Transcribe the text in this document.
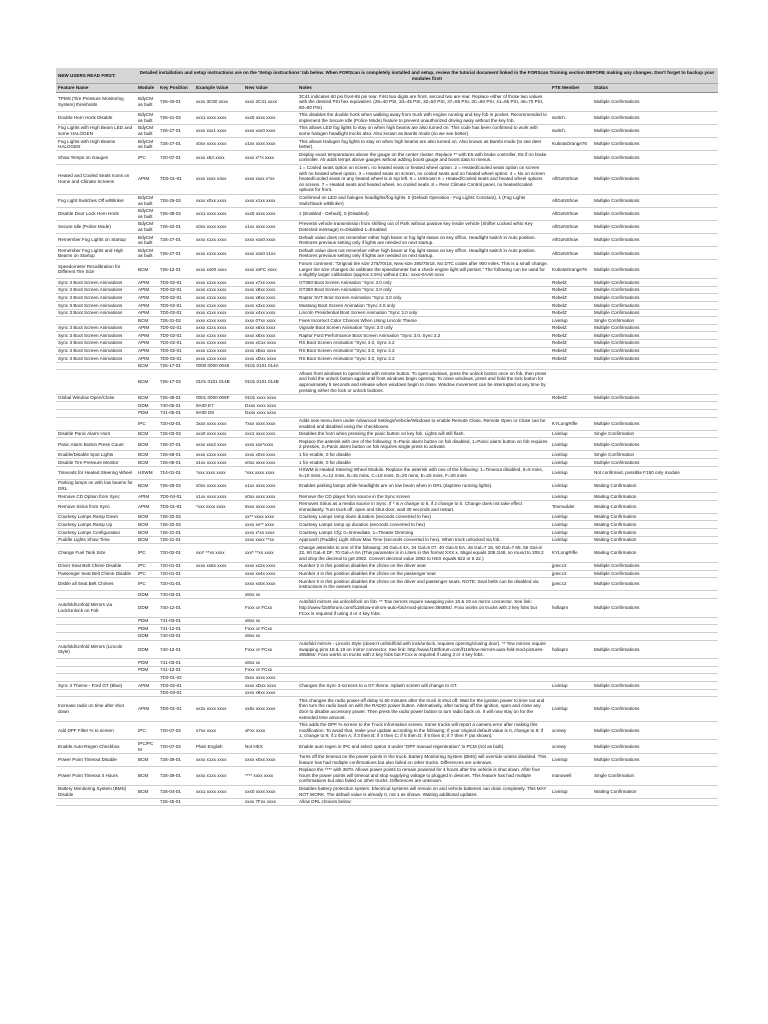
NEW USERS READ FIRST:	Detailed installation and setup instructions are on the 'Setup instructions' tab below. When FORScan is completely installed and setup, review the tutorial document linked in the FORScan Training section BEFORE making any changes. Don't forget to backup your modules first!
Feature Name	Module	Key Position	Example Value	New Value	Notes	FTE Member	Status
TPMS (Tire Pressure Monitoring System) thresholds	BdyCM as built	726-40-01	xxxx 3C50 xxxx	xxxx 3C41 xxxx	3C41 indicates 60 psi front-65 psi rear. First two digits are front, second two are rear. Replace either of those two values with the desired PSI hex equivalent. (28=40 PSI, 2d=45 PSI, 32=50 PSI, 37=55 PSI, 3C=60 PSI, 41=65 PSI, 46=70 PSI, 50=80 PSI)		Multiple Confirmations
Double Horn Honk Disable	BdyCM as built	726-41-02	xxx1 xxxx xxxx	xxx0 xxxx xxxx	This disables the double honk when walking away from truck with engine running and key fob in pocket. Recommended to implement the Secure Idle (Police Mode) feature to prevent unauthorized driving away without the key fob.	switch.	Multiple Confirmations
Fog Lights with High Beam LED and some HALOGEN	BdyCM as built	726-27-01	xxxx xxx1 xxxx	xxxx xxx0 xxxx	This allows LED fog lights to stay on when high beams are also turned on. This code has been confirmed to work with some halogen headlight trucks also. Also known as Bambi mode (so we see better).	switch.	Multiple Confirmations
Fog Lights with High Beams HALOGEN	BdyCM as built	726-27-01	x0xx xxxx xxxx	x1xx xxxx xxxx	This allows Halogen fog lights to stay on when high beams are also turned on. Also known as Bambi mode (to see deer better).	KubotaOrange76	Multiple Confirmations
Show Temps on Gauges	IPC	720-07-01	xxxx x6A xxxx	xxxx x**x xxxx	Display exact temperatures above the gauge on the center cluster. Replace ** with E5 with brake controller, E5 if no brake controller. A5 adds temps above gauges without adding boost gauge and boost data to menus.		Multiple Confirmations
Heated and Cooled Seats Icons on Home and Climate Screens	APIM	7D0-01-01	xxxx xxxx x4xx	xxxx xxxx x*xx	1 = Cooled seats option on screen, no heated seats or heated wheel option. 2 = Heated/cooled seats option on screen with no heated wheel option. 3 = Heated seats on screen, no cooled seats and no heated wheel option. 4 = No on screen heated/cooled seats or any heated wheel is in top left. 5 = Unknown 6 = Heated/Cooled seats and heated wheel options on screen. 7 = Heated seats and heated wheel, no cooled seats. 8 = Rear Climate Control panel, no heated/cooled options for front.	AllGoNShow	Multiple Confirmations
Fog Light Switches Off w/Blinker	BdyCM as built	726-26-02	xxxx x0xx xxxx	xxxx x1xx xxxx	Confirmed on LED and halogen headlights/fog lights. 0 (Default Operation - Fog Lights Constant), 1 (Fog Lights Switchback w/Blinker)	AllGoNShow	Multiple Confirmations
Disable Door Lock Horn Honk	BdyCM as built	726-38-02	xxx1 xxxx xxxx	xxx0 xxxx xxxx	1 (Enabled - Default), 0 (Disabled)	AllGoNShow	Multiple Confirmations
Secure Idle (Police Mode)	BdyCM as built	726-42-01	x0xx xxxx xxxx	x1xx xxxx xxxx	Prevents vehicle transmission from shifting out of Park without passive key inside vehicle (Shifter Locked w/No Key Detected message) 0=Disabled 1=Enabled	AllGoNShow	Multiple Confirmations
Remember Fog Lights on Startup	BdyCM as built	726-27-01	xxxx x1xx xxxx	xxxx xxx0 xxxx	Default value does not remember either high beam or fog light status on key off/on. Headlight switch in Auto position. Restores previous setting only if lights are needed on next startup.	AllGoNShow	Multiple Confirmations
Remember Fog Lights and High Beams on Startup	BdyCM as built	726-27-01	xxxx x1xx xxxx	xxxx xxx0 x1xx	Default value does not remember either high beam or fog light status on key off/on. Headlight switch in Auto position. Restores previous setting only if lights are needed on next startup.	AllGoNShow	Multiple Confirmations
Speedometer Recalibration for Different Tire Size	BCM	726-12-01	xxxx xx00 xxxx	xxxx xxFC xxxx	Forum comment: "Original tire size 275/70r18, New size 285/75r18. No DTC codes after 900 miles. This is a small change. Larger tire size changes do calibrate the speedometer but a check engine light will persist." The following can be used for a slightly larger calibration (approx 2.5%) without CEL: xxxx-0AAE-xxxx	KubotaOrange76	Multiple Confirmations
Sync 3 Boot Screen Animations	APIM	7D0-02-01	xxxx x1xx xxxx	xxxx x7xx xxxx	GT350 Boot Screen Animation "Sync 3.0 only	RebelZ	Multiple Confirmations
Sync 3 Boot Screen Animations	APIM	7D0-02-01	xxxx x1xx xxxx	xxxx x8xx xxxx	GT350 Boot Screen Animation "Sync 3.0 only	RebelZ	Multiple Confirmations
Sync 3 Boot Screen Animations	APIM	7D0-02-01	xxxx x1xx xxxx	xxxx x9xx xxxx	Raptor SVT Boot Screen Animation "Sync 3.0 only	RebelZ	Multiple Confirmations
Sync 3 Boot Screen Animations	APIM	7D0-02-01	xxxx x1xx xxxx	xxxx x3xx xxxx	Mustang Boot Screen Animation "Sync 3.0 only	RebelZ	Multiple Confirmations
Sync 3 Boot Screen Animations	APIM	7D0-02-01	xxxx x1xx xxxx	xxxx x4xx xxxx	Lincoln Presidential Boot Screen Animation "Sync 3.0 only	RebelZ	Multiple Confirmations
	BCM	726-31-02	xxxx x1xx xxxx	xxxx 07xx xxxx	Fixes Incorrect Color Choices When Using Lincoln Theme	Livinlup	Single Confirmation
Sync 3 Boot Screen Animations	APIM	7D0-02-01	xxxx x1xx xxxx	xxxx x6xx xxxx	Vignale Boot Screen Animation "Sync 3.0 only	RebelZ	Multiple Confirmations
Sync 3 Boot Screen Animations	APIM	7D0-02-01	xxxx x1xx xxxx	xxxx x8xx xxxx	Raptor Ford Performance Boot Screen Animation "Sync 3.0, Sync 2.2	RebelZ	Multiple Confirmations
Sync 3 Boot Screen Animations	APIM	7D0-02-01	xxxx x1xx xxxx	xxxx xCxx xxxx	RS Boot Screen Animation "Sync 3.0, Sync 2.2	RebelZ	Multiple Confirmations
Sync 3 Boot Screen Animations	APIM	7D0-02-01	xxxx x1xx xxxx	xxxx xBxx xxxx	RS Boot Screen Animation "Sync 3.0, Sync 2.2	RebelZ	Multiple Confirmations
Sync 3 Boot Screen Animations	APIM	7D0-02-01	xxxx x1xx xxxx	xxxx xDxx xxxx	RS Boot Screen Animation "Sync 3.0, Sync 2.2	RebelZ	Multiple Confirmations
	BCM	726-17-01	0000 0000 0045	0101 0101 014A			
	BCM	726-17-02	0101 0101 014B	0101 0101 014B	Allows front windows to open/close with remote button. To open windows, press the unlock button once on fob, then press and hold the unlock button again until front windows begin opening. To close windows, press and hold the lock button for approximately 5 seconds and release when windows begin to close. Window movement can be interrupted at any time by pressing either the lock or unlock buttons.		
Global Window Open/Close	BCM	726-38-01	0001 0000 005F	0101 xxxx xxxx		RebelZ	Multiple Confirmations
	DDM	740-05-01	9A00 E7	Dxxx xxxx xxxx			
	PDM	741-05-01	9A00 D8	Dxxx xxxx xxxx			
	IPC	720-02-01	3xxx xxxx xxxx	7xxx xxxx xxxx	Adds new menu item under Advanced Settings/Vehicle/Windows to enable Remote Close, Remote Open or Close can be enabled and disabled using the checkboxes.	KYLongRifle	Multiple Confirmations
Disable Panic Alarm Horn	BCM	726-03-02	xxx0 xxxx xxxx	xxx1 xxxx xxxx	Disables the horn when pressing the panic button on key fob. Lights will still flash.	Livinlup	Single Confirmation
Panic Alarm Button Press Count	BCM	726-37-01	xxxx xxx2 xxxx	xxxx xxx*xxxx	Replace the asterisk with one of the following: 0=Panic alarm button on fob disabled, 1=Panic alarm button on fob requires 2 presses, 2=Panic alarm button on fob requires single press to activate.	Livinlup	Multiple Confirmations
Enable/Disable Spot Lights	BCM	726-58-01	xxxx x1xx xxxx	xxxx x0xx xxxx	1 for enable, 0 for disable	Livinlup	Single Confirmation
Disable Tire Pressure Monitor	BCM	726-06-01	x1xx xxxx xxxx	x0xx xxxx xxxx	1 for enable, 0 for disable	Livinlup	Multiple Confirmations
Timeouts for Heated Steering Wheel	HSWM	714-01-01	*xxx xxxx xxxx	*xxx xxxx xxxx	HSWM is Heated Steering Wheel Module. Replace the asterisk with one of the following: 1=Timeout disabled, 8=5 mins, 9=10 mins, A=12 mins, B=15 mins, C=18 mins, D=20 mins, E=25 mins, F=30 mins	Livinlup	Not confirmed, possible F150 only module
Parking lamps on with low beams for DRL	BCM	726-26-02	x0xx xxxx xxxx	x1xx xxxx xxxx	Enables parking lamps while headlights are on low beam when in DRL (daytime running lights).	Livinlup	Waiting Confirmation
Remove CD Option from Sync	APIM	7D0-04-01	x1xx xxxx xxxx	x0xx xxxx xxxx	Remove the CD player from source in the Sync screen	Livinlup	Waiting Confirmation
Remove Sirius from Sync	APIM	7D0-01-01	*xxx xxxx xxxx	8xxx xxxx xxxx	Removes Sirius as a media source in Sync. If * is A change to 8, if 2 change to 0. Change does not take effect immediately. Turn truck off, open and shut door, wait 30 seconds and restart.	Texmudder	Waiting Confirmation
Courtesy Lamps Ramp Down	BCM	726-32-02		xx** xxxx xxxx	Courtesy Lamps ramp down duration (seconds converted to hex)	Livinlup	Waiting Confirmation
Courtesy Lamps Ramp Up	BCM	726-32-02		xxxx xx** xxxx	Courtesy Lamps ramp up duration (seconds converted to hex)	Livinlup	Waiting Confirmation
Courtesy Lamps Configuration	BCM	726-31-01		xxxx x*xx xxxx	Courtesy Lamps Cfg: 0=Immediate, 1=Theater Dimming	Livinlup	Waiting Confirmation
Puddle Lights Show Time	BCM	726-31-01		xxxx xxxx **xx	Approach (Puddle) Light Show Max Time (seconds converted to hex). When truck unlocked via fob.	Livinlup	Waiting Confirmation
Change Fuel Tank Size	IPC	720-02-01	xxx* **xx xxxx	xxx* **xx xxxx	Change asterisks to one of the following: 30 Gal=4 4A, 34 Gal=5 07, 40 Gal=5 EA, 48 Gal=7 19, 50 Gal=7 65, 55 Gal=8 22, 60 Gal=8 DF, 70 Gal=A 5A (This parameter is in Liters in this format XXX.x. 55gal equals 208.1l48, so round to 208.2 and drop the decimal to get 2082. Convert decimal value 2082 to HEX equals 822 or 8 22.)	KYLongRifle	Waiting Confirmation
Driver Seat Belt Chime Disable	IPC	720-01-01	xxxx xx6x xxxx	xxxx xx2x xxxx	Number 2 in this position disables the chime on the driver seat	jpmcc2	Multiple Confirmations
Passenger Seat Belt Chime Disable	IPC	720-01-01		xxxx xx4x xxxx	Number 4 in this position disables the chime on the passenger seat	jpmcc2	Multiple Confirmations
Disble all Seat Belt Chimes	IPC	720-01-01		xxxx xx0x xxxx	Number 0 in this position disables the chime on the driver and passenger seats. NOTE: Seat belts can be disabled via instructions in the owners manual	jpmcc2	Multiple Confirmations
	DDM	740-03-01		x8xx xx			
Autofold/Unfold Mirrors via Lock/Unlock on Fob	DDM	740-12-01		Fxxx or FCxx	Autofold mirrors via unlock/lock on fob. ** Tow mirrors require swapping pins 18 & 19 on mirror connector. See link: http://www.f150forum.com/f118/tow-mirrors-auto-fold-mod-pictures-365884/. Foxx works on trucks with 2 key fobs but FCxx is required if using 3 or 4 key fobs.	hollapm	Multiple Confirmations
	PDM	741-03-01		x8xx xx			
	PDM	741-12-01		Fxxx or FCxx			
	DDM	740-03-01		x8xx xx			
Autofold/Unfold Mirrors (Lincoln Style)	DDM	740-12-01		Fxxx or FCxx	Autofold mirrors - Lincoln Style (doesn't unfold/fold with lock/unlock, requires opening/closing door). ** Tow mirrors require swapping pins 18 & 19 on mirror connector. See link: http://www.f150forum.com/f118/tow-mirrors-auto-fold-mod-pictures-365884/. Foxx works on trucks with 2 key fobs but FCxx is required if using 3 or 4 key fobs.	hollapm	Multiple Confirmations
	PDM	741-03-01		x8xx xx			
	PDM	741-12-01		Fxxx or FCxx			
		7D0-01-02		0xxx xxxx xxxx			
Sync 3 Theme - Ford GT (Blue)	APIM	7D0-02-01		xxxx xDxx xxxx	Changes the Sync 3 screens to a GT theme. Splash screen will change to GT.	Livinlup	Multiple Confirmations
		7D0-03-01		xxxx x9xx xxxx			
Increase radio on time after shut down	APIM	7D0-01-01	xx2x xxxx xxxx	xx6x xxxx xxxx	This changes the radio power-off delay to 60 minutes after the truck is shut off. Wait for the ignition power to time out and then turn the radio back on with the RADIO power button. Alternatively, after turning off the ignition, open and close any door to disable accessory power. Then press the radio power button to turn radio back on. It will now stay on for the extended time amount.	Livinlup	Multiple Confirmations
Add DPF Filter % to screen	IPC	720-07-02	x7xx xxxx	xFxx xxxx	This adds the DPF % screen to the Truck Information screen. Some trucks will report a camera error after making this modification. To avoid that, make your update according to the following: If your original default value is 0, change to 8; if 1, change to 9; if 2 then A; if 3 then B; if 4 then C; if 5 then D; if 6 then E; if 7 then F (as shown).	xcrewy	Multiple Confirmations
Enable Auto-Regen Checkbox	IPC/PCM	720-07-02	Plain English	Not HEX	Enable auto regen in IPC and select option 3 under "DPF manual regeneration" in PCM (not as built).	xcrewy	Multiple Confirmations
Power Point Timeout Disable	BCM	726-38-01	xxxx x1xx xxxx	xxxx x0xx xxxx	Turns off the timeout on the power points in the truck. Battery Monitoring System (BMS) will override unless disabled. This feature has had multiple confirmations but also failed on other trucks. Differences are unknown.	Livinlup	Multiple Confirmations
Power Point Timeout 4 Hours	BCM	726-38-01	xxxx x1xx xxxx	**** xxxx xxxx	Replace the **** with 3870. Allows power points to remain powered for 4 hours after the vehicle is shut down. After four hours the power points will timeout and stop supplying voltage to plugged in devices. This feature has had multiple confirmations but also failed on other trucks. Differences are unknown.	manowell	Single Confirmation
Battery Monitoring System (BMS) Disable	BCM	726-04-01	xxx1 xxxx xxxx	xxx0 xxxx xxxx	Disables battery protection system. Electrical systems will remain on and vehicle batteries can drain completely. This MAY NOT WORK. The default value is already 0, not 1 as shown. Waiting additional updates.	Livinlup	Waiting Confirmation
		726-45-01		xxxx 7Fxx xxxx	Allow DRL choices below:		
